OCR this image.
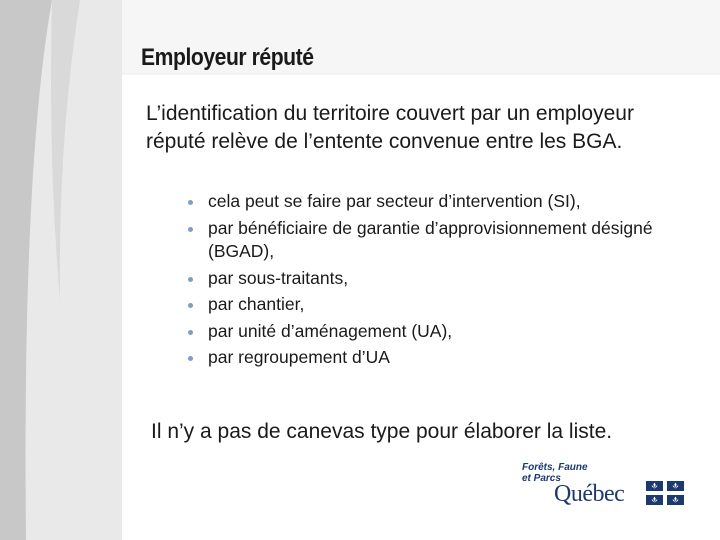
Employeur réputé

L’identification du territoire couvert par un employeur réputé relève de l’entente convenue entre les BGA.

cela peut se faire par secteur d’intervention (SI),
par bénéficiaire de garantie d’approvisionnement désigné (BGAD),
par sous‑traitants,
par chantier,
par unité d’aménagement (UA),
par regroupement d’UA

Il n’y a pas de canevas type pour élaborer la liste.

Forêts, Faune
et Parcs

Québec
